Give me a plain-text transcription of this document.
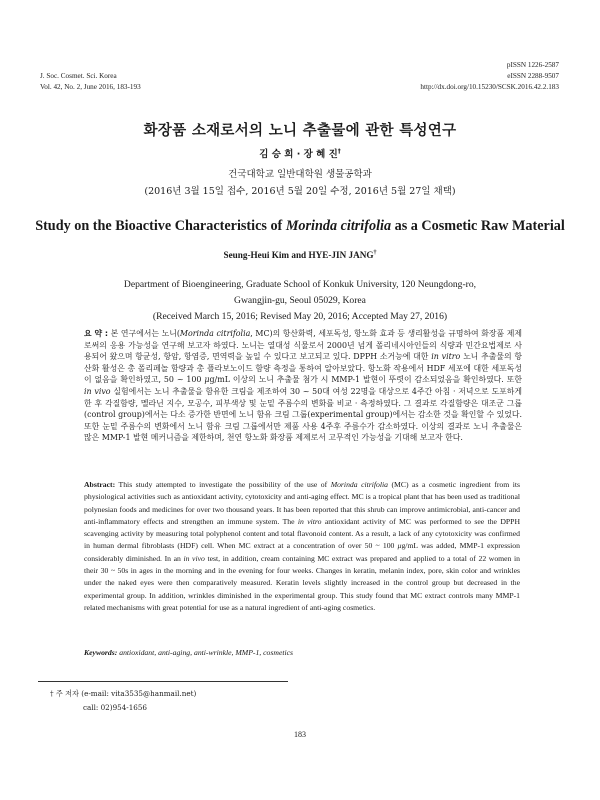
J. Soc. Cosmet. Sci. Korea
Vol. 42, No. 2, June 2016, 183-193
pISSN 1226-2587
eISSN 2288-9507
http://dx.doi.org/10.15230/SCSK.2016.42.2.183
화장품 소재로서의 노니 추출물에 관한 특성연구
김 승 희 · 장 혜 진†
건국대학교 일반대학원 생물공학과
(2016년 3월 15일 접수, 2016년 5월 20일 수정, 2016년 5월 27일 채택)
Study on the Bioactive Characteristics of Morinda citrifolia as a Cosmetic Raw Material
Seung-Heui Kim and HYE-JIN JANG†
Department of Bioengineering, Graduate School of Konkuk University, 120 Neungdong-ro,
Gwangjin-gu, Seoul 05029, Korea
(Received March 15, 2016; Revised May 20, 2016; Accepted May 27, 2016)
요 약 : 본 연구에서는 노니(Morinda citrifolia, MC)의 항산화력, 세포독성, 항노화 효과 등 생리활성을 규명하여 화장품 제제로써의 응용 가능성을 연구해 보고자 하였다. 노니는 열대성 식물로서 2000년 넘게 폴리네시아인들의 식량과 민간요법제로 사용되어 왔으며 항균성, 항암, 항염증, 면역력을 높일 수 있다고 보고되고 있다. DPPH 소거능에 대한 in vitro 노니 추출물의 항산화 활성은 총 폴리페놀 함량과 총 플라보노이드 함량 측정을 통하여 알아보았다. 항노화 작용에서 HDF 세포에 대한 세포독성이 없음을 확인하였고, 50 ~ 100 μg/mL 이상의 노니 추출물 첨가 시 MMP-1 발현이 뚜렷이 감소되었음을 확인하였다. 또한 in vivo 실험에서는 노니 추출물을 함유한 크림을 제조하여 30 ~ 50대 여성 22명을 대상으로 4주간 아침 · 저녁으로 도포하게 한 후 각질함량, 멜라닌 지수, 모공수, 피부색상 및 눈밑 주름수의 변화를 비교 · 측정하였다. 그 결과로 각질함량은 대조군 그룹(control group)에서는 다소 증가한 반면에 노니 함유 크림 그룹(experimental group)에서는 감소한 것을 확인할 수 있었다. 또한 눈밑 주름수의 변화에서 노니 함유 크림 그룹에서만 제품 사용 4주후 주름수가 감소하였다. 이상의 결과로 노니 추출물은 많은 MMP-1 발현 메커니즘을 제한하며, 천연 항노화 화장품 제제로서 고무적인 가능성을 기대해 보고자 한다.
Abstract: This study attempted to investigate the possibility of the use of Morinda citrifolia (MC) as a cosmetic ingredient from its physiological activities such as antioxidant activity, cytotoxicity and anti-aging effect. MC is a tropical plant that has been used as traditional polynesian foods and medicines for over two thousand years. It has been reported that this shrub can improve antimicrobial, anti-cancer and anti-inflammatory effects and strengthen an immune system. The in vitro antioxidant activity of MC was performed to see the DPPH scavenging activity by measuring total polyphenol content and total flavonoid content. As a result, a lack of any cytotoxicity was confirmed in human dermal fibroblasts (HDF) cell. When MC extract at a concentration of over 50 ~ 100 μg/mL was added, MMP-1 expression considerably diminished. In an in vivo test, in addition, cream containing MC extract was prepared and applied to a total of 22 women in their 30 ~ 50s in ages in the morning and in the evening for four weeks. Changes in keratin, melanin index, pore, skin color and wrinkles under the naked eyes were then comparatively measured. Keratin levels slightly increased in the control group but decreased in the experimental group. In addition, wrinkles diminished in the experimental group. This study found that MC extract controls many MMP-1 related mechanisms with great potential for use as a natural ingredient of anti-aging cosmetics.
Keywords: antioxidant, anti-aging, anti-wrinkle, MMP-1, cosmetics
† 주 저자 (e-mail: vita3535@hanmail.net)
call: 02)954-1656
183
